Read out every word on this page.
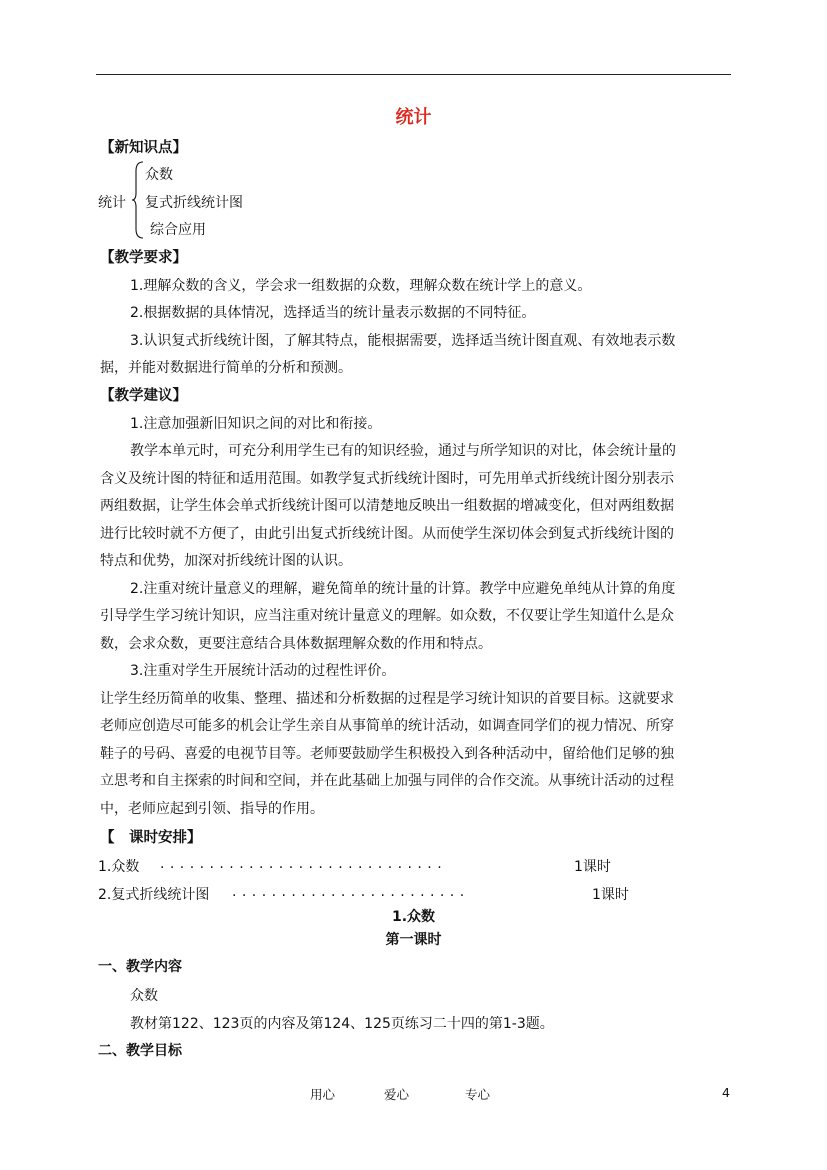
统计
【新知识点】
统计
众数
复式折线统计图
综合应用
【教学要求】
1.理解众数的含义，学会求一组数据的众数，理解众数在统计学上的意义。
2.根据数据的具体情况，选择适当的统计量表示数据的不同特征。
3.认识复式折线统计图，了解其特点，能根据需要，选择适当统计图直观、有效地表示数
据，并能对数据进行简单的分析和预测。
【教学建议】
1.注意加强新旧知识之间的对比和衔接。
教学本单元时，可充分利用学生已有的知识经验，通过与所学知识的对比，体会统计量的
含义及统计图的特征和适用范围。如教学复式折线统计图时，可先用单式折线统计图分别表示
两组数据，让学生体会单式折线统计图可以清楚地反映出一组数据的增减变化，但对两组数据
进行比较时就不方便了，由此引出复式折线统计图。从而使学生深切体会到复式折线统计图的
特点和优势，加深对折线统计图的认识。
2.注重对统计量意义的理解，避免简单的统计量的计算。教学中应避免单纯从计算的角度
引导学生学习统计知识，应当注重对统计量意义的理解。如众数，不仅要让学生知道什么是众
数，会求众数，更要注意结合具体数据理解众数的作用和特点。
3.注重对学生开展统计活动的过程性评价。
让学生经历简单的收集、整理、描述和分析数据的过程是学习统计知识的首要目标。这就要求
老师应创造尽可能多的机会让学生亲自从事简单的统计活动，如调查同学们的视力情况、所穿
鞋子的号码、喜爱的电视节目等。老师要鼓励学生积极投入到各种活动中，留给他们足够的独
立思考和自主探索的时间和空间，并在此基础上加强与同伴的合作交流。从事统计活动的过程
中，老师应起到引领、指导的作用。
【　课时安排】
1.众数 . . . . . . . . . . . . . . . . . . . . . . . . . . . . .	1课时
2.复式折线统计图 . . . . . . . . . . . . . . . . . . . . . . . .	1课时
1.众数
第一课时
一、教学内容
众数
教材第122、123页的内容及第124、125页练习二十四的第1-3题。
二、教学目标
用心	爱心	专心	4
